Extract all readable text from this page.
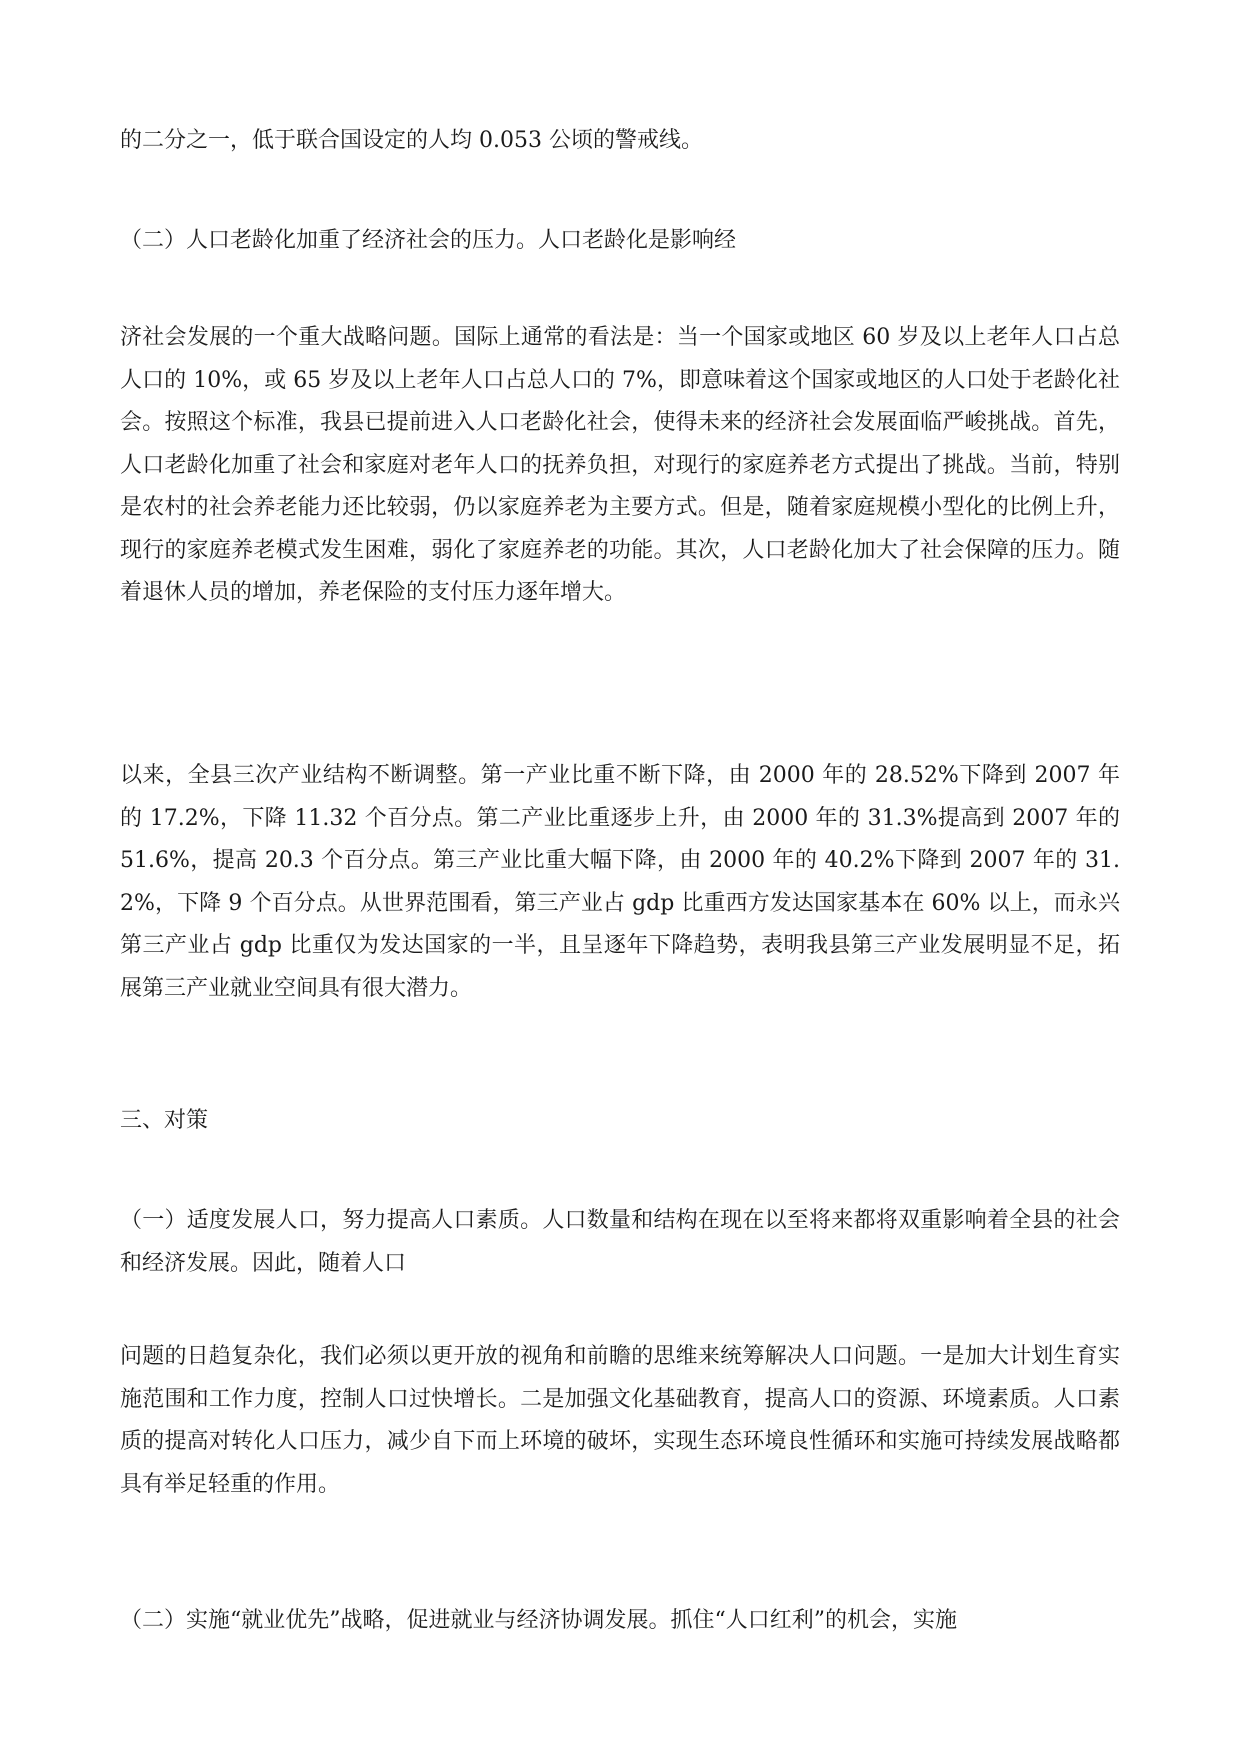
的二分之一，低于联合国设定的人均 0.053 公顷的警戒线。

（二）人口老龄化加重了经济社会的压力。人口老龄化是影响经

济社会发展的一个重大战略问题。国际上通常的看法是：当一个国家或地区 60 岁及以上老年人口占总人口的 10%，或 65 岁及以上老年人口占总人口的 7%，即意味着这个国家或地区的人口处于老龄化社会。按照这个标准，我县已提前进入人口老龄化社会，使得未来的经济社会发展面临严峻挑战。首先，人口老龄化加重了社会和家庭对老年人口的抚养负担，对现行的家庭养老方式提出了挑战。当前，特别是农村的社会养老能力还比较弱，仍以家庭养老为主要方式。但是，随着家庭规模小型化的比例上升，现行的家庭养老模式发生困难，弱化了家庭养老的功能。其次，人口老龄化加大了社会保障的压力。随着退休人员的增加，养老保险的支付压力逐年增大。

以来，全县三次产业结构不断调整。第一产业比重不断下降，由 2000 年的 28.52%下降到 2007 年的 17.2%，下降 11.32 个百分点。第二产业比重逐步上升，由 2000 年的 31.3%提高到 2007 年的 51.6%，提高 20.3 个百分点。第三产业比重大幅下降，由 2000 年的 40.2%下降到 2007 年的 31.2%，下降 9 个百分点。从世界范围看，第三产业占 gdp 比重西方发达国家基本在 60% 以上，而永兴第三产业占 gdp 比重仅为发达国家的一半，且呈逐年下降趋势，表明我县第三产业发展明显不足，拓展第三产业就业空间具有很大潜力。

三、对策

（一）适度发展人口，努力提高人口素质。人口数量和结构在现在以至将来都将双重影响着全县的社会和经济发展。因此，随着人口

问题的日趋复杂化，我们必须以更开放的视角和前瞻的思维来统筹解决人口问题。一是加大计划生育实施范围和工作力度，控制人口过快增长。二是加强文化基础教育，提高人口的资源、环境素质。人口素质的提高对转化人口压力，减少自下而上环境的破坏，实现生态环境良性循环和实施可持续发展战略都具有举足轻重的作用。

（二）实施“就业优先”战略，促进就业与经济协调发展。抓住“人口红利”的机会，实施
